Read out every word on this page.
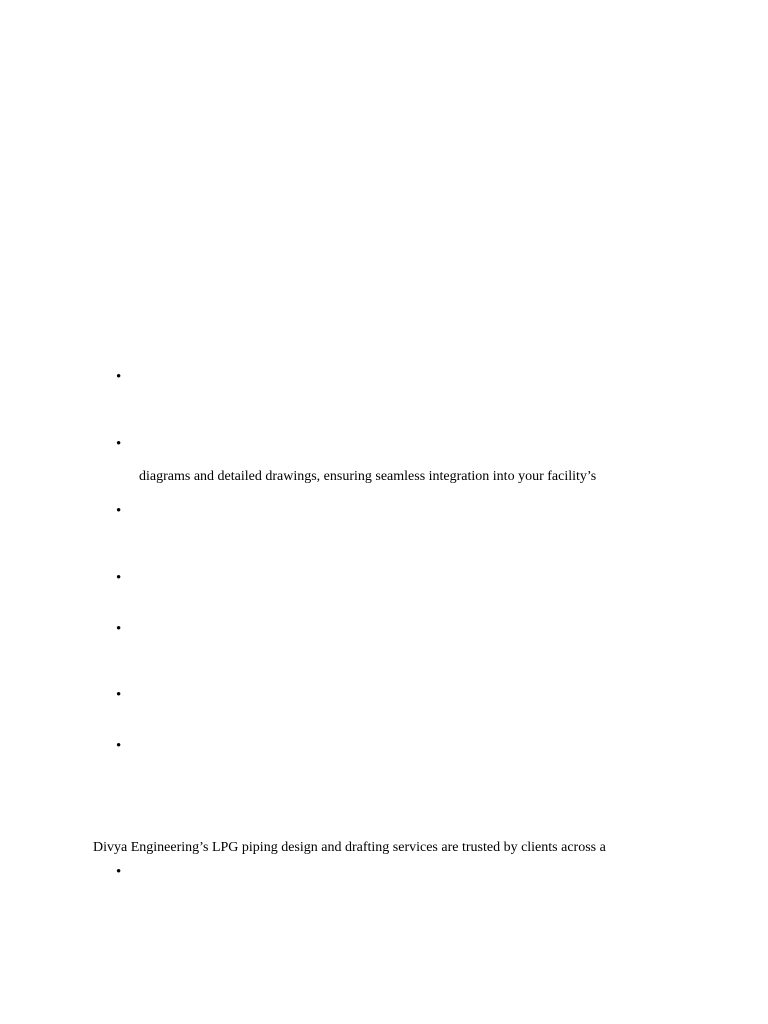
•
•
diagrams and detailed drawings, ensuring seamless integration into your facility’s
•
•
•
•
•
Divya Engineering’s LPG piping design and drafting services are trusted by clients across a
•
